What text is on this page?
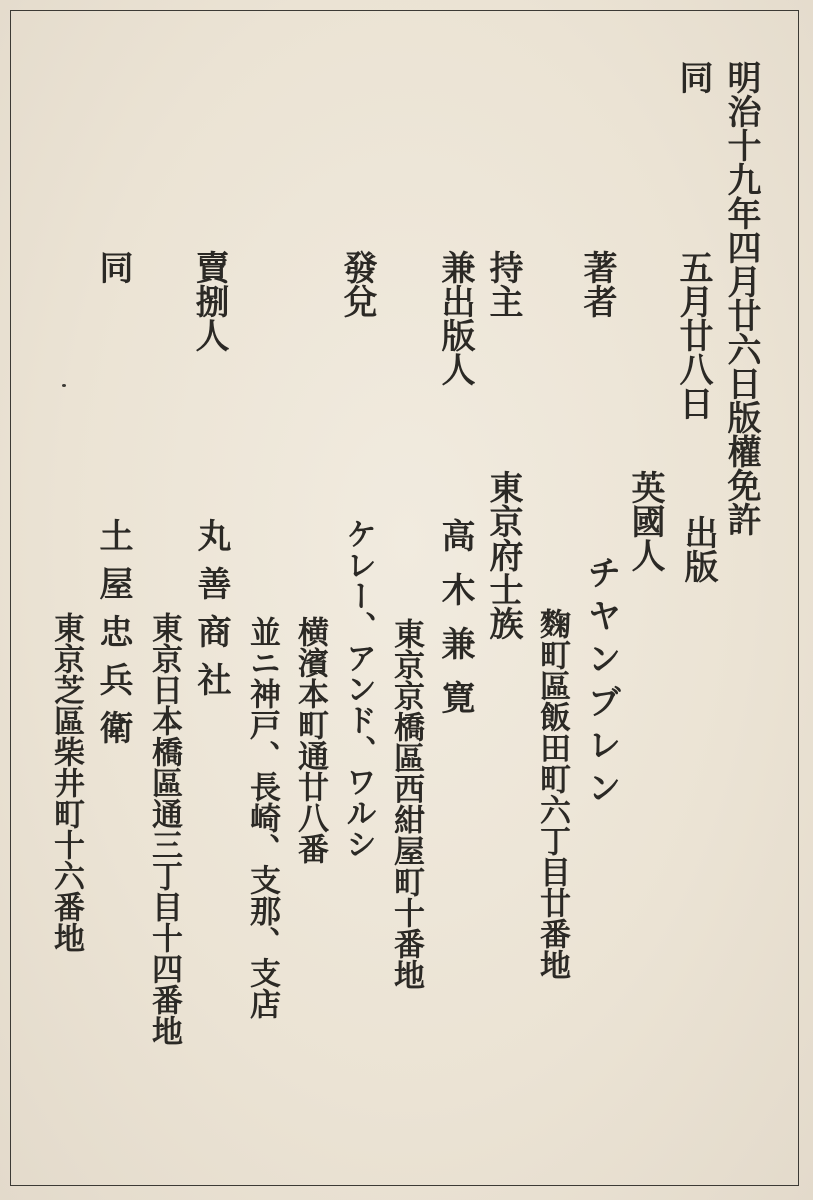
明治十九年四月廿六日版權免許
同
五月廿八日
出版
著者
英國人
チヤンブレン
麴町區飯田町六丁目廿番地
持主
東京府士族
兼出版人
高木兼寛
東京京橋區西紺屋町十番地
發兌
ケレー、アンド、ワルシ
横濱本町通廿八番
並ニ神戸、長崎、支那、支店
賣捌人
丸善商社
東京日本橋區通三丁目十四番地
同
土屋忠兵衛
東京芝區柴井町十六番地
